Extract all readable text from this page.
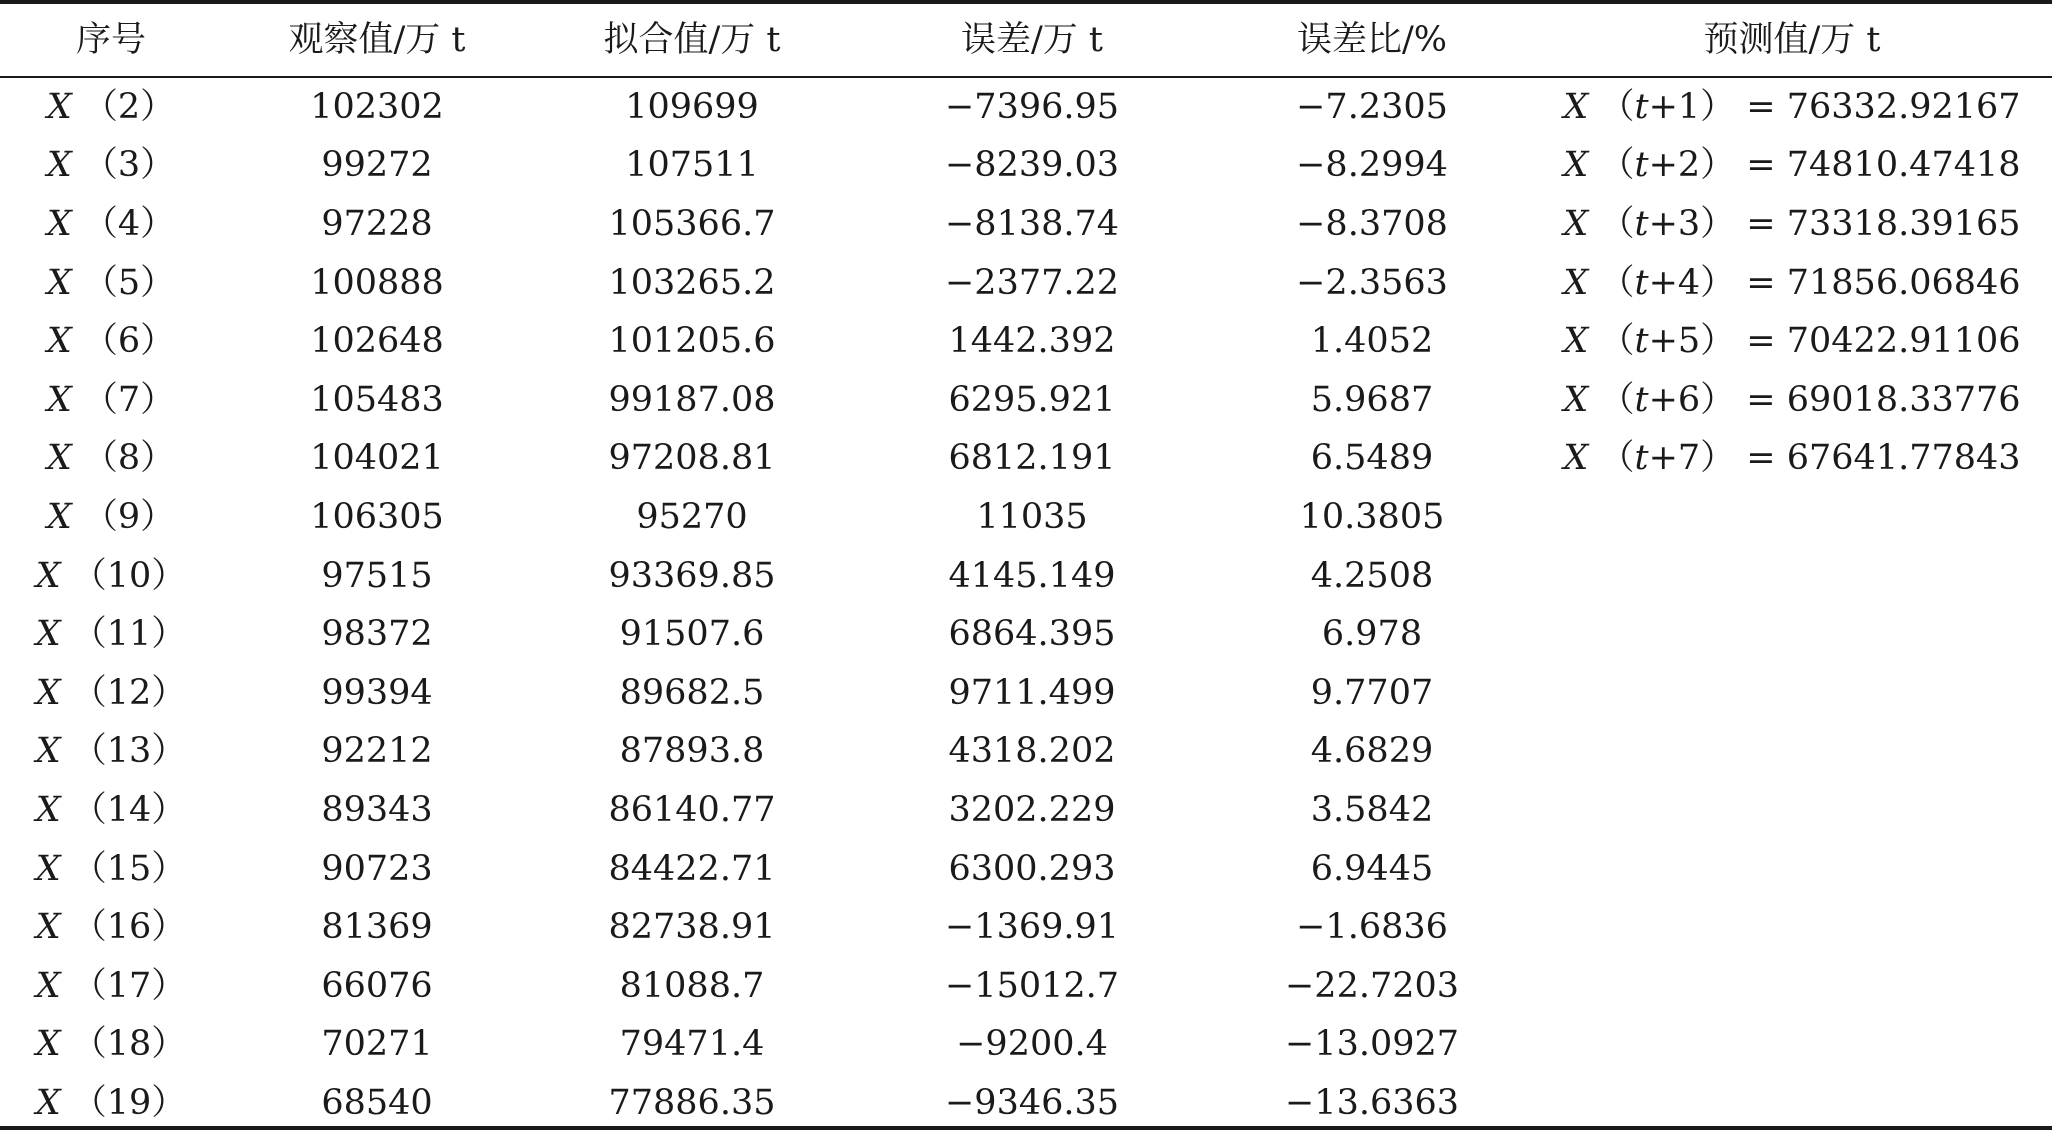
序号	观察值/万 t	拟合值/万 t	误差/万 t	误差比/%	预测值/万 t
X （2）	102302	109699	−7396.95	−7.2305	X （t+1） = 76332.92167
X （3）	99272	107511	−8239.03	−8.2994	X （t+2） = 74810.47418
X （4）	97228	105366.7	−8138.74	−8.3708	X （t+3） = 73318.39165
X （5）	100888	103265.2	−2377.22	−2.3563	X （t+4） = 71856.06846
X （6）	102648	101205.6	1442.392	1.4052	X （t+5） = 70422.91106
X （7）	105483	99187.08	6295.921	5.9687	X （t+6） = 69018.33776
X （8）	104021	97208.81	6812.191	6.5489	X （t+7） = 67641.77843
X （9）	106305	95270	11035	10.3805
X （10）	97515	93369.85	4145.149	4.2508
X （11）	98372	91507.6	6864.395	6.978
X （12）	99394	89682.5	9711.499	9.7707
X （13）	92212	87893.8	4318.202	4.6829
X （14）	89343	86140.77	3202.229	3.5842
X （15）	90723	84422.71	6300.293	6.9445
X （16）	81369	82738.91	−1369.91	−1.6836
X （17）	66076	81088.7	−15012.7	−22.7203
X （18）	70271	79471.4	−9200.4	−13.0927
X （19）	68540	77886.35	−9346.35	−13.6363
